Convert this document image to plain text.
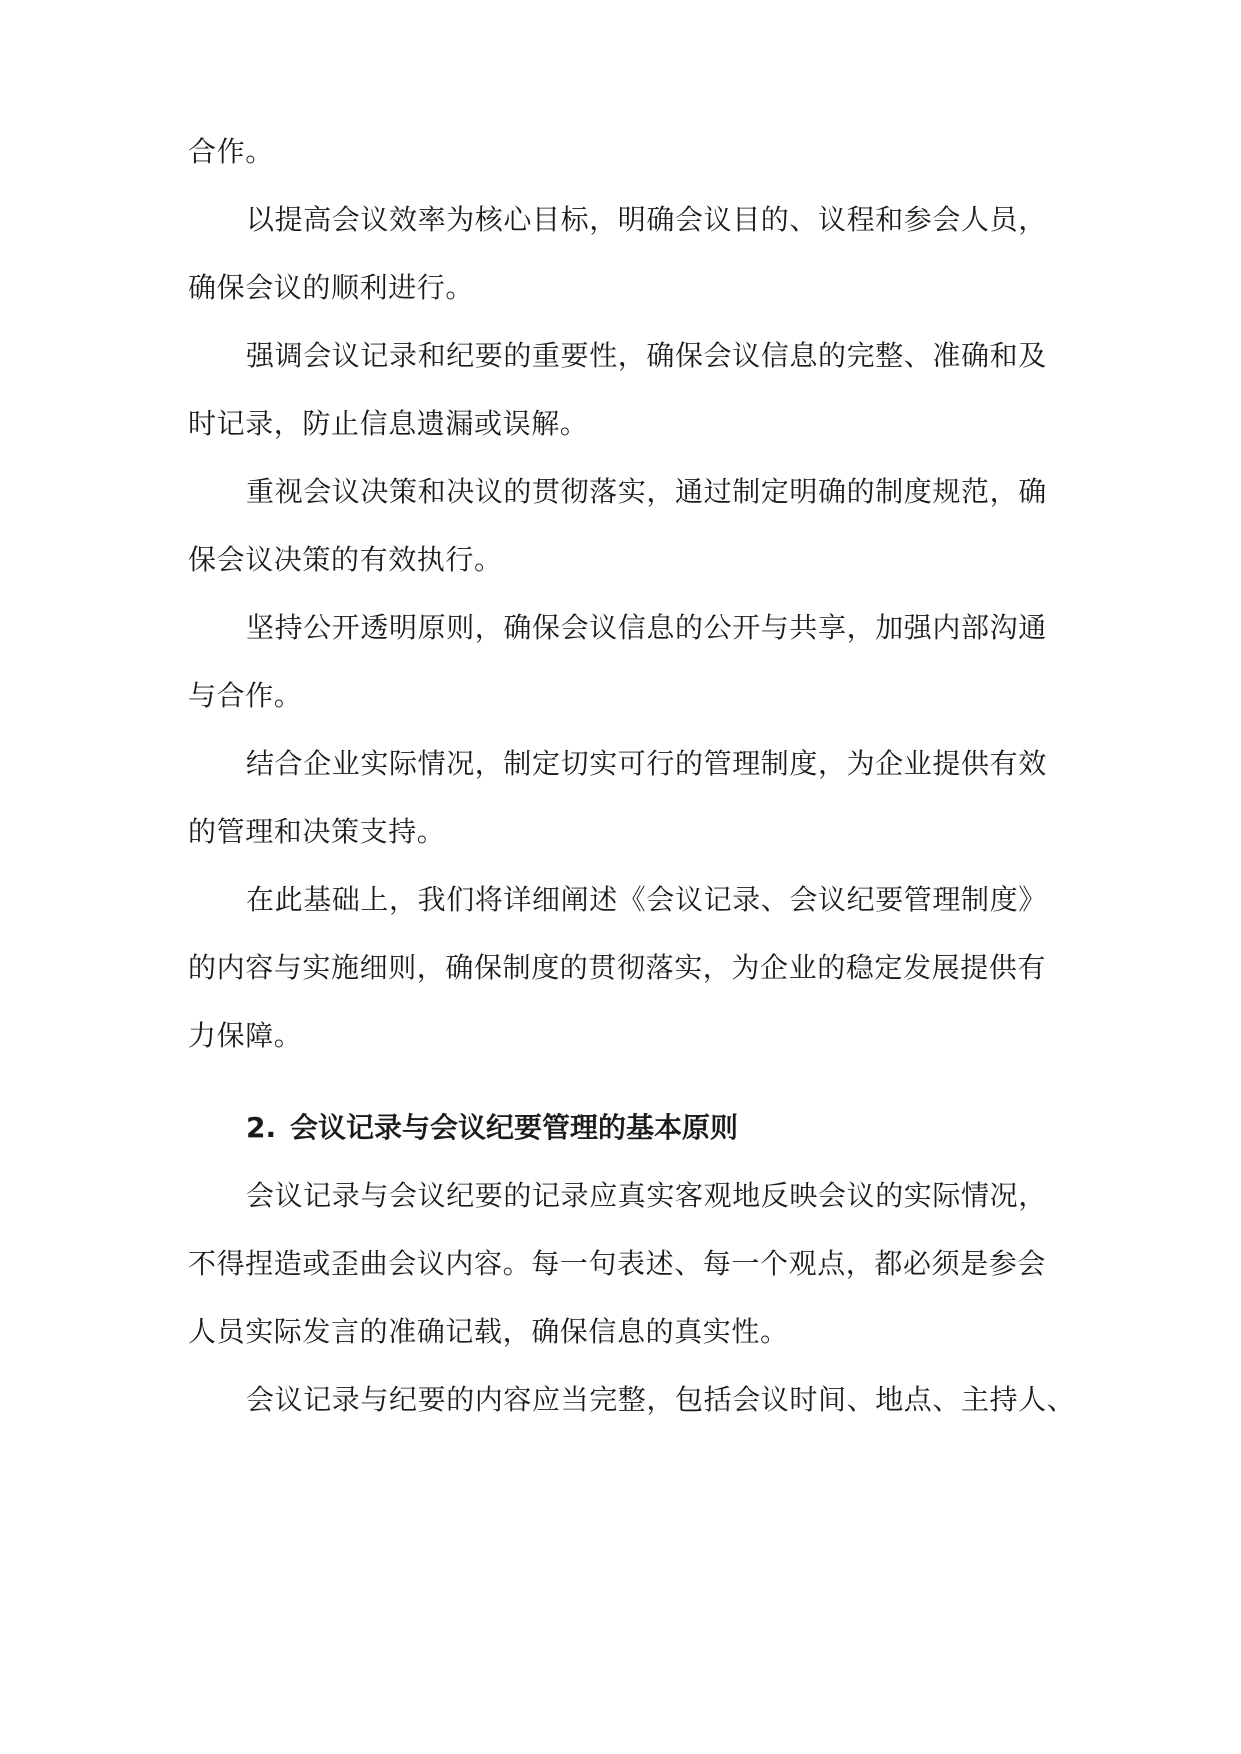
合作。
以提高会议效率为核心目标，明确会议目的、议程和参会人员，
确保会议的顺利进行。
强调会议记录和纪要的重要性，确保会议信息的完整、准确和及
时记录，防止信息遗漏或误解。
重视会议决策和决议的贯彻落实，通过制定明确的制度规范，确
保会议决策的有效执行。
坚持公开透明原则，确保会议信息的公开与共享，加强内部沟通
与合作。
结合企业实际情况，制定切实可行的管理制度，为企业提供有效
的管理和决策支持。
在此基础上，我们将详细阐述《会议记录、会议纪要管理制度》
的内容与实施细则，确保制度的贯彻落实，为企业的稳定发展提供有
力保障。
2. 会议记录与会议纪要管理的基本原则
会议记录与会议纪要的记录应真实客观地反映会议的实际情况，
不得捏造或歪曲会议内容。每一句表述、每一个观点，都必须是参会
人员实际发言的准确记载，确保信息的真实性。
会议记录与纪要的内容应当完整，包括会议时间、地点、主持人、
